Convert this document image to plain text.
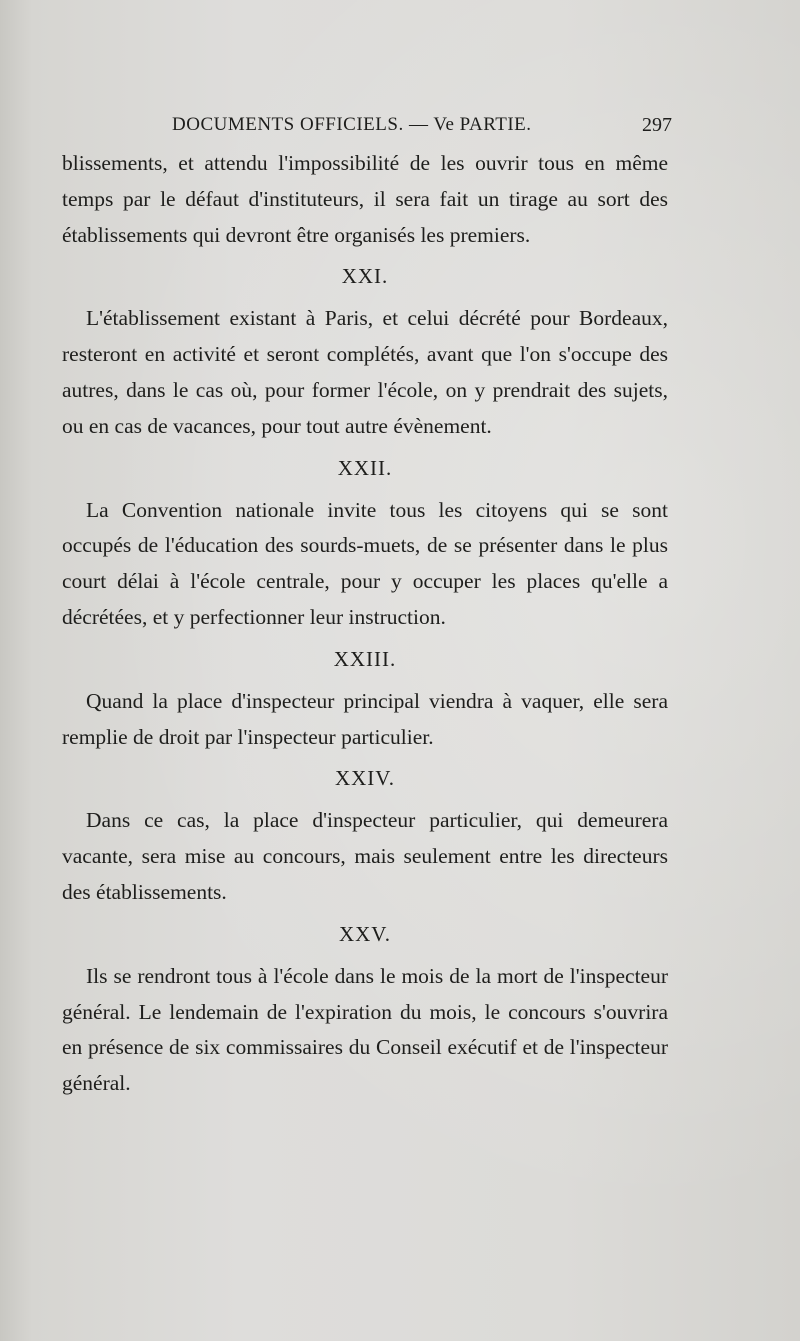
DOCUMENTS OFFICIELS. — Ve PARTIE.	297

blissements, et attendu l'impossibilité de les ouvrir tous en même temps par le défaut d'instituteurs, il sera fait un tirage au sort des établissements qui devront être organisés les premiers.

XXI.

L'établissement existant à Paris, et celui décrété pour Bordeaux, resteront en activité et seront complétés, avant que l'on s'occupe des autres, dans le cas où, pour former l'école, on y prendrait des sujets, ou en cas de vacances, pour tout autre évènement.

XXII.

La Convention nationale invite tous les citoyens qui se sont occupés de l'éducation des sourds-muets, de se présenter dans le plus court délai à l'école centrale, pour y occuper les places qu'elle a décrétées, et y perfectionner leur instruction.

XXIII.

Quand la place d'inspecteur principal viendra à vaquer, elle sera remplie de droit par l'inspecteur particulier.

XXIV.

Dans ce cas, la place d'inspecteur particulier, qui demeurera vacante, sera mise au concours, mais seulement entre les directeurs des établissements.

XXV.

Ils se rendront tous à l'école dans le mois de la mort de l'inspecteur général. Le lendemain de l'expiration du mois, le concours s'ouvrira en présence de six commissaires du Conseil exécutif et de l'inspecteur général.
